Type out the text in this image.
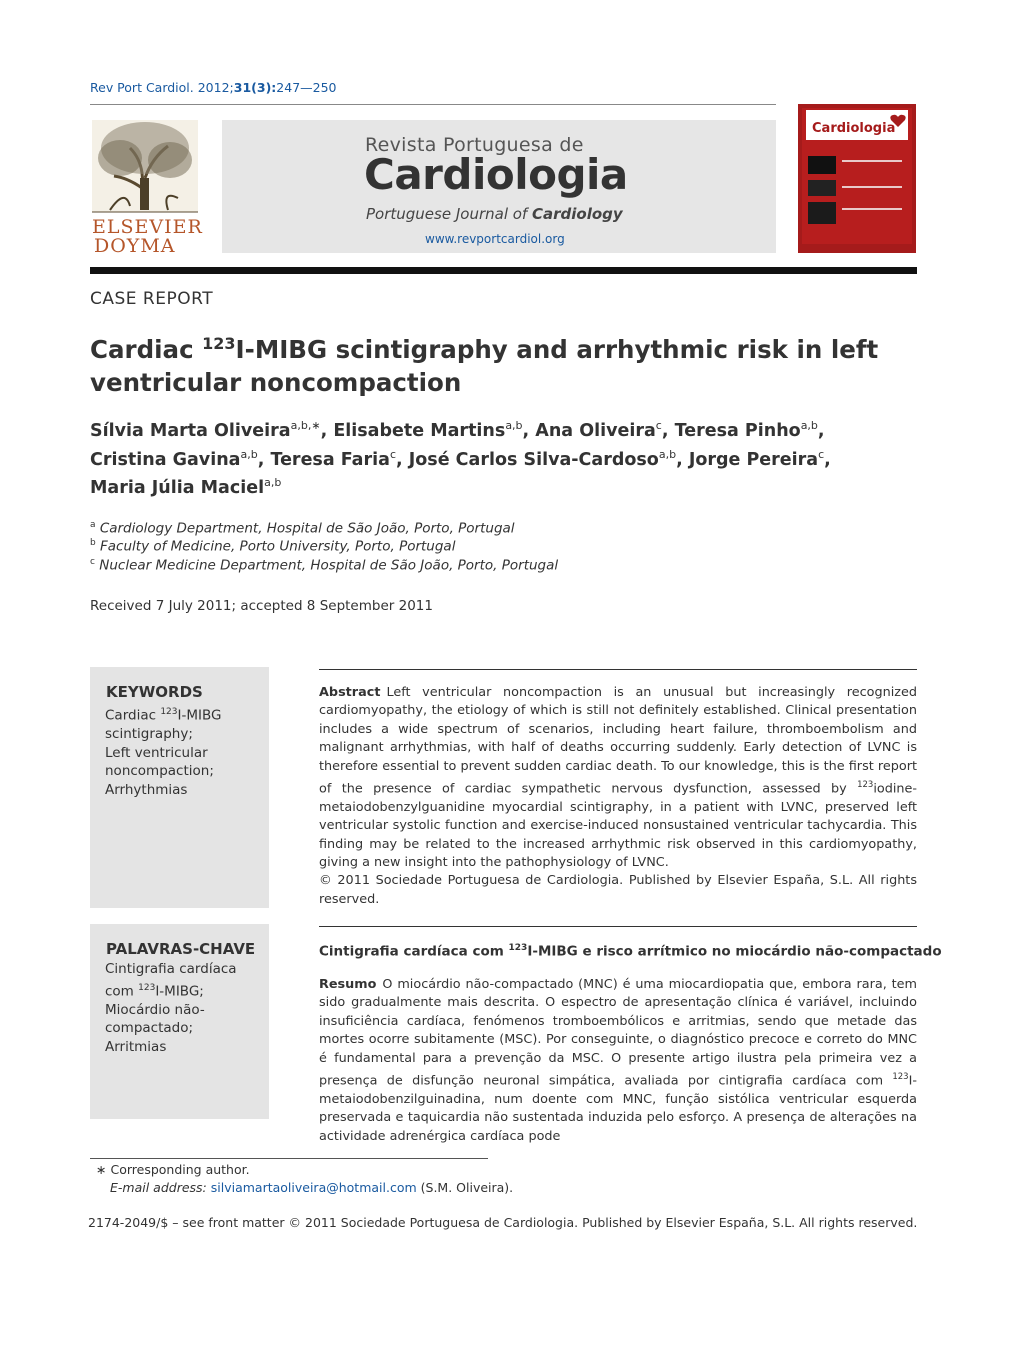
Rev Port Cardiol. 2012;31(3):247—250
ELSEVIER
DOYMA
Revista Portuguesa de
Cardiologia
Portuguese Journal of Cardiology
www.revportcardiol.org
Cardiologia
CASE REPORT
Cardiac $^{123}$I-MIBG scintigraphy and arrhythmic risk in left ventricular noncompaction
Sílvia Marta Oliveira$^{a,b,∗}$, Elisabete Martins$^{a,b}$, Ana Oliveira$^c$, Teresa Pinho$^{a,b}$,
Cristina Gavina$^{a,b}$, Teresa Faria$^c$, José Carlos Silva-Cardoso$^{a,b}$, Jorge Pereira$^c$,
Maria Júlia Maciel$^{a,b}$
$^a$ Cardiology Department, Hospital de São João, Porto, Portugal
$^b$ Faculty of Medicine, Porto University, Porto, Portugal
$^c$ Nuclear Medicine Department, Hospital de São João, Porto, Portugal
Received 7 July 2011; accepted 8 September 2011
KEYWORDS
Cardiac $^{123}$I-MIBG scintigraphy;
Left ventricular noncompaction;
Arrhythmias
Abstract Left ventricular noncompaction is an unusual but increasingly recognized cardiomyopathy, the etiology of which is still not definitely established. Clinical presentation includes a wide spectrum of scenarios, including heart failure, thromboembolism and malignant arrhythmias, with half of deaths occurring suddenly. Early detection of LVNC is therefore essential to prevent sudden cardiac death. To our knowledge, this is the first report of the presence of cardiac sympathetic nervous dysfunction, assessed by $^{123}$iodine-metaiodobenzylguanidine myocardial scintigraphy, in a patient with LVNC, preserved left ventricular systolic function and exercise-induced nonsustained ventricular tachycardia. This finding may be related to the increased arrhythmic risk observed in this cardiomyopathy, giving a new insight into the pathophysiology of LVNC.
© 2011 Sociedade Portuguesa de Cardiologia. Published by Elsevier España, S.L. All rights reserved.
PALAVRAS-CHAVE
Cintigrafia cardíaca com $^{123}$I-MIBG;
Miocárdio não-compactado;
Arritmias
Cintigrafia cardíaca com $^{123}$I-MIBG e risco arrítmico no miocárdio não-compactado
Resumo O miocárdio não-compactado (MNC) é uma miocardiopatia que, embora rara, tem sido gradualmente mais descrita. O espectro de apresentação clínica é variável, incluindo insuficiência cardíaca, fenómenos tromboembólicos e arritmias, sendo que metade das mortes ocorre subitamente (MSC). Por conseguinte, o diagnóstico precoce e correto do MNC é fundamental para a prevenção da MSC. O presente artigo ilustra pela primeira vez a presença de disfunção neuronal simpática, avaliada por cintigrafia cardíaca com $^{123}$I-metaiodobenzilguinadina, num doente com MNC, função sistólica ventricular esquerda preservada e taquicardia não sustentada induzida pelo esforço. A presença de alterações na actividade adrenérgica cardíaca pode
∗ Corresponding author.
E-mail address: silviamartaoliveira@hotmail.com (S.M. Oliveira).
2174-2049/$ – see front matter © 2011 Sociedade Portuguesa de Cardiologia. Published by Elsevier España, S.L. All rights reserved.
